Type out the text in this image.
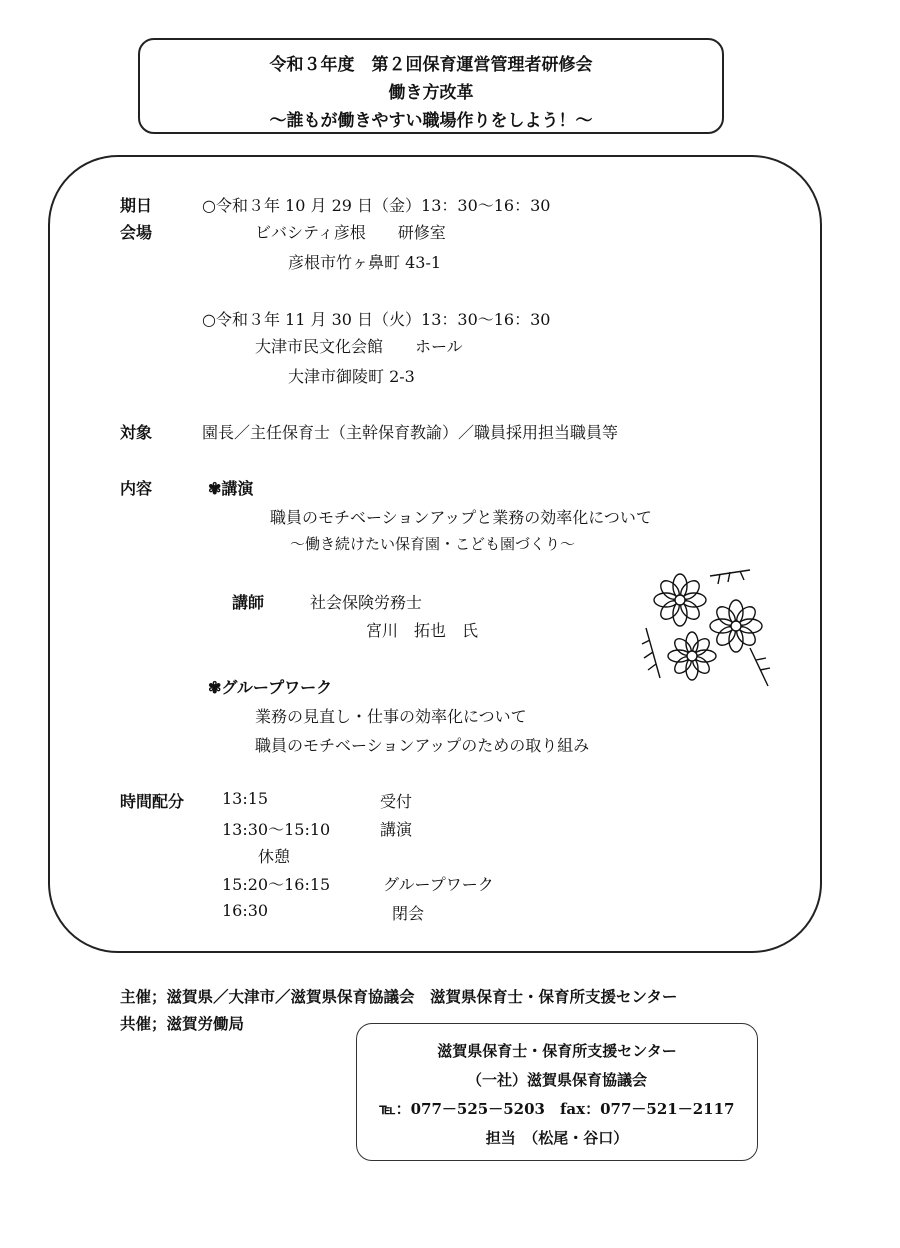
令和３年度　第２回保育運営管理者研修会
働き方改革
～誰もが働きやすい職場作りをしよう！～
期日	○令和３年 10 月 29 日（金）13：30～16：30
会場	ビバシティ彦根　　研修室
彦根市竹ヶ鼻町 43-1
○令和３年 11 月 30 日（火）13：30～16：30
大津市民文化会館　　ホール
大津市御陵町 2-3
対象	園長／主任保育士（主幹保育教諭）／職員採用担当職員等
内容	✾講演
職員のモチベーションアップと業務の効率化について
～働き続けたい保育園・こども園づくり～
講師	社会保険労務士
宮川　拓也　氏
✾グループワーク
業務の見直し・仕事の効率化について
職員のモチベーションアップのための取り組み
時間配分 13:15	受付
13:30～15:10	講演
休憩
15:20～16:15	グループワーク
16:30	閉会
主催；滋賀県／大津市／滋賀県保育協議会　滋賀県保育士・保育所支援センター
共催；滋賀労働局
滋賀県保育士・保育所支援センター
（一社）滋賀県保育協議会
℡：077－525－5203　fax：077－521－2117
担当　（松尾・谷口）
